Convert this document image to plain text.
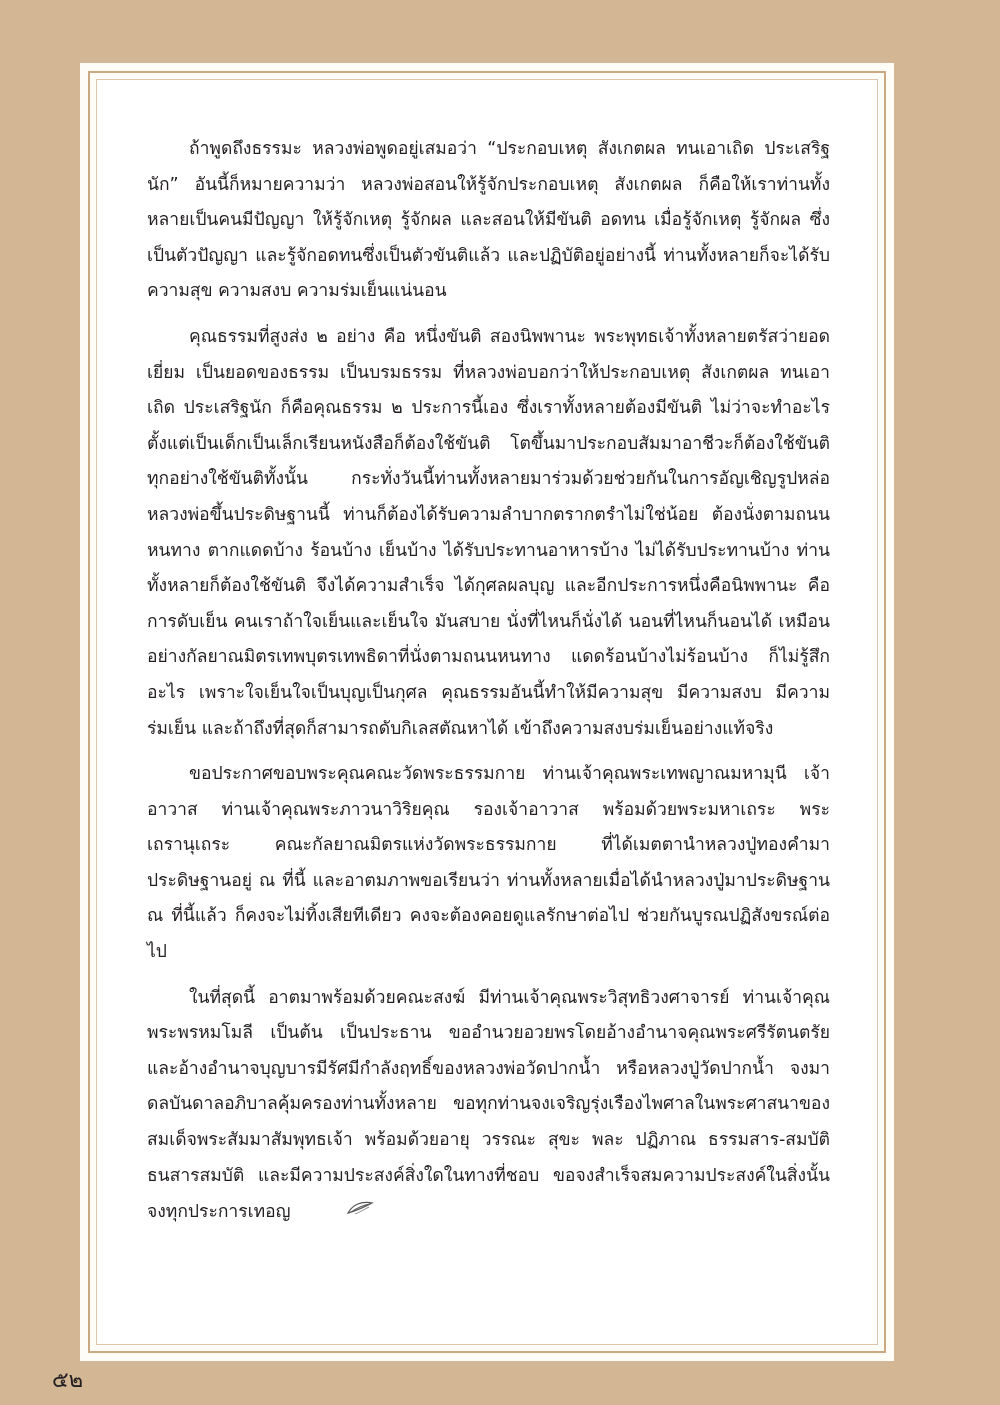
ถ้าพูดถึงธรรมะ หลวงพ่อพูดอยู่เสมอว่า “ประกอบเหตุ สังเกตผล ทนเอาเถิด ประเสริฐนัก” อันนี้ก็หมายความว่า หลวงพ่อสอนให้รู้จักประกอบเหตุ สังเกตผล ก็คือให้เราท่านทั้งหลายเป็นคนมีปัญญา ให้รู้จักเหตุ รู้จักผล และสอนให้มีขันติ อดทน เมื่อรู้จักเหตุ รู้จักผล ซึ่งเป็นตัวปัญญา และรู้จักอดทนซึ่งเป็นตัวขันติแล้ว และปฏิบัติอยู่อย่างนี้ ท่านทั้งหลายก็จะได้รับความสุข ความสงบ ความร่มเย็นแน่นอน

คุณธรรมที่สูงส่ง ๒ อย่าง คือ หนึ่งขันติ สองนิพพานะ พระพุทธเจ้าทั้งหลายตรัสว่ายอดเยี่ยม เป็นยอดของธรรม เป็นบรมธรรม ที่หลวงพ่อบอกว่าให้ประกอบเหตุ สังเกตผล ทนเอาเถิด ประเสริฐนัก ก็คือคุณธรรม ๒ ประการนี้เอง ซึ่งเราทั้งหลายต้องมีขันติ ไม่ว่าจะทำอะไร ตั้งแต่เป็นเด็กเป็นเล็กเรียนหนังสือก็ต้องใช้ขันติ โตขึ้นมาประกอบสัมมาอาชีวะก็ต้องใช้ขันติ ทุกอย่างใช้ขันติทั้งนั้น กระทั่งวันนี้ท่านทั้งหลายมาร่วมด้วยช่วยกันในการอัญเชิญรูปหล่อหลวงพ่อขึ้นประดิษฐานนี้ ท่านก็ต้องได้รับความลำบากตรากตรำไม่ใช่น้อย ต้องนั่งตามถนนหนทาง ตากแดดบ้าง ร้อนบ้าง เย็นบ้าง ได้รับประทานอาหารบ้าง ไม่ได้รับประทานบ้าง ท่านทั้งหลายก็ต้องใช้ขันติ จึงได้ความสำเร็จ ได้กุศลผลบุญ และอีกประการหนึ่งคือนิพพานะ คือการดับเย็น คนเราถ้าใจเย็นและเย็นใจ มันสบาย นั่งที่ไหนก็นั่งได้ นอนที่ไหนก็นอนได้ เหมือนอย่างกัลยาณมิตรเทพบุตรเทพธิดาที่นั่งตามถนนหนทาง แดดร้อนบ้างไม่ร้อนบ้าง ก็ไม่รู้สึกอะไร เพราะใจเย็นใจเป็นบุญเป็นกุศล คุณธรรมอันนี้ทำให้มีความสุข มีความสงบ มีความร่มเย็น และถ้าถึงที่สุดก็สามารถดับกิเลสตัณหาได้ เข้าถึงความสงบร่มเย็นอย่างแท้จริง

ขอประกาศขอบพระคุณคณะวัดพระธรรมกาย ท่านเจ้าคุณพระเทพญาณมหามุนี เจ้าอาวาส ท่านเจ้าคุณพระภาวนาวิริยคุณ รองเจ้าอาวาส พร้อมด้วยพระมหาเถระ พระเถรานุเถระ คณะกัลยาณมิตรแห่งวัดพระธรรมกาย ที่ได้เมตตานำหลวงปู่ทองคำมาประดิษฐานอยู่ ณ ที่นี้ และอาตมภาพขอเรียนว่า ท่านทั้งหลายเมื่อได้นำหลวงปู่มาประดิษฐาน ณ ที่นี้แล้ว ก็คงจะไม่ทิ้งเสียทีเดียว คงจะต้องคอยดูแลรักษาต่อไป ช่วยกันบูรณปฏิสังขรณ์ต่อไป

ในที่สุดนี้ อาตมาพร้อมด้วยคณะสงฆ์ มีท่านเจ้าคุณพระวิสุทธิวงศาจารย์ ท่านเจ้าคุณพระพรหมโมลี เป็นต้น เป็นประธาน ขออำนวยอวยพรโดยอ้างอำนาจคุณพระศรีรัตนตรัย และอ้างอำนาจบุญบารมีรัศมีกำลังฤทธิ์ของหลวงพ่อวัดปากน้ำ หรือหลวงปู่วัดปากน้ำ จงมาดลบันดาลอภิบาลคุ้มครองท่านทั้งหลาย ขอทุกท่านจงเจริญรุ่งเรืองไพศาลในพระศาสนาของสมเด็จพระสัมมาสัมพุทธเจ้า พร้อมด้วยอายุ วรรณะ สุขะ พละ ปฏิภาณ ธรรมสาร-สมบัติ ธนสารสมบัติ และมีความประสงค์สิ่งใดในทางที่ชอบ ขอจงสำเร็จสมความประสงค์ในสิ่งนั้นจงทุกประการเทอญ

๕๒
